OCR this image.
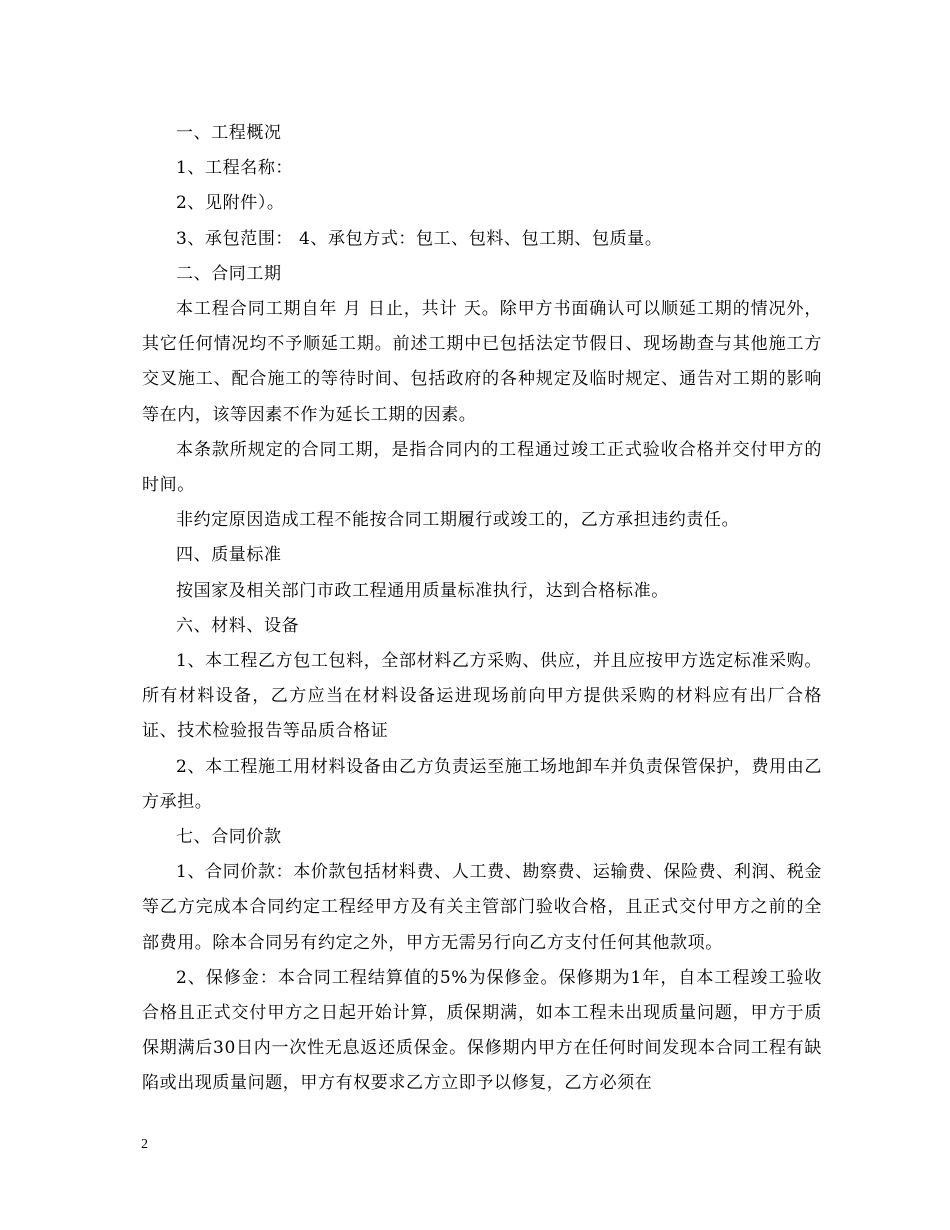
一、工程概况

1、工程名称：

2、见附件）。

3、承包范围： 4、承包方式：包工、包料、包工期、包质量。

二、合同工期

本工程合同工期自年 月 日止，共计 天。除甲方书面确认可以顺延工期的情况外，其它任何情况均不予顺延工期。前述工期中已包括法定节假日、现场勘查与其他施工方交叉施工、配合施工的等待时间、包括政府的各种规定及临时规定、通告对工期的影响等在内，该等因素不作为延长工期的因素。

本条款所规定的合同工期，是指合同内的工程通过竣工正式验收合格并交付甲方的时间。

非约定原因造成工程不能按合同工期履行或竣工的，乙方承担违约责任。

四、质量标准

按国家及相关部门市政工程通用质量标准执行，达到合格标准。

六、材料、设备

1、本工程乙方包工包料，全部材料乙方采购、供应，并且应按甲方选定标准采购。所有材料设备，乙方应当在材料设备运进现场前向甲方提供采购的材料应有出厂合格证、技术检验报告等品质合格证

2、本工程施工用材料设备由乙方负责运至施工场地卸车并负责保管保护，费用由乙方承担。

七、合同价款

1、合同价款：本价款包括材料费、人工费、勘察费、运输费、保险费、利润、税金等乙方完成本合同约定工程经甲方及有关主管部门验收合格，且正式交付甲方之前的全部费用。除本合同另有约定之外，甲方无需另行向乙方支付任何其他款项。

2、保修金：本合同工程结算值的5%为保修金。保修期为1年，自本工程竣工验收合格且正式交付甲方之日起开始计算，质保期满，如本工程未出现质量问题，甲方于质保期满后30日内一次性无息返还质保金。保修期内甲方在任何时间发现本合同工程有缺陷或出现质量问题，甲方有权要求乙方立即予以修复，乙方必须在

2
